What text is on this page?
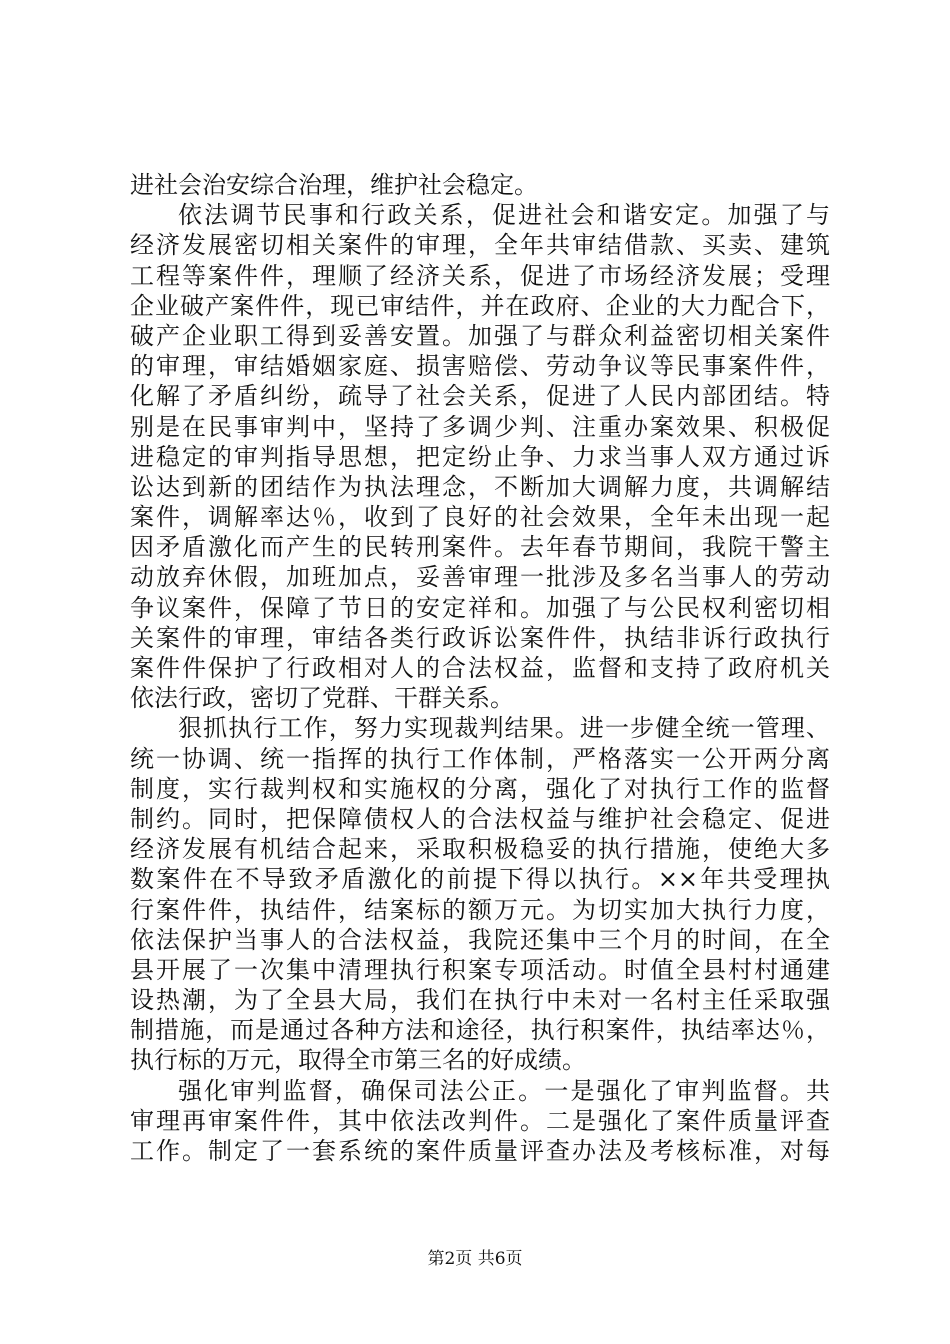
进社会治安综合治理，维护社会稳定。
依法调节民事和行政关系，促进社会和谐安定。加强了与
经济发展密切相关案件的审理，全年共审结借款、买卖、建筑
工程等案件件，理顺了经济关系，促进了市场经济发展；受理
企业破产案件件，现已审结件，并在政府、企业的大力配合下，
破产企业职工得到妥善安置。加强了与群众利益密切相关案件
的审理，审结婚姻家庭、损害赔偿、劳动争议等民事案件件，
化解了矛盾纠纷，疏导了社会关系，促进了人民内部团结。特
别是在民事审判中，坚持了多调少判、注重办案效果、积极促
进稳定的审判指导思想，把定纷止争、力求当事人双方通过诉
讼达到新的团结作为执法理念，不断加大调解力度，共调解结
案件，调解率达％，收到了良好的社会效果，全年未出现一起
因矛盾激化而产生的民转刑案件。去年春节期间，我院干警主
动放弃休假，加班加点，妥善审理一批涉及多名当事人的劳动
争议案件，保障了节日的安定祥和。加强了与公民权利密切相
关案件的审理，审结各类行政诉讼案件件，执结非诉行政执行
案件件保护了行政相对人的合法权益，监督和支持了政府机关
依法行政，密切了党群、干群关系。
狠抓执行工作，努力实现裁判结果。进一步健全统一管理、
统一协调、统一指挥的执行工作体制，严格落实一公开两分离
制度，实行裁判权和实施权的分离，强化了对执行工作的监督
制约。同时，把保障债权人的合法权益与维护社会稳定、促进
经济发展有机结合起来，采取积极稳妥的执行措施，使绝大多
数案件在不导致矛盾激化的前提下得以执行。××年共受理执
行案件件，执结件，结案标的额万元。为切实加大执行力度，
依法保护当事人的合法权益，我院还集中三个月的时间，在全
县开展了一次集中清理执行积案专项活动。时值全县村村通建
设热潮，为了全县大局，我们在执行中未对一名村主任采取强
制措施，而是通过各种方法和途径，执行积案件，执结率达％，
执行标的万元，取得全市第三名的好成绩。
强化审判监督，确保司法公正。一是强化了审判监督。共
审理再审案件件，其中依法改判件。二是强化了案件质量评查
工作。制定了一套系统的案件质量评查办法及考核标准，对每
第2页 共6页
